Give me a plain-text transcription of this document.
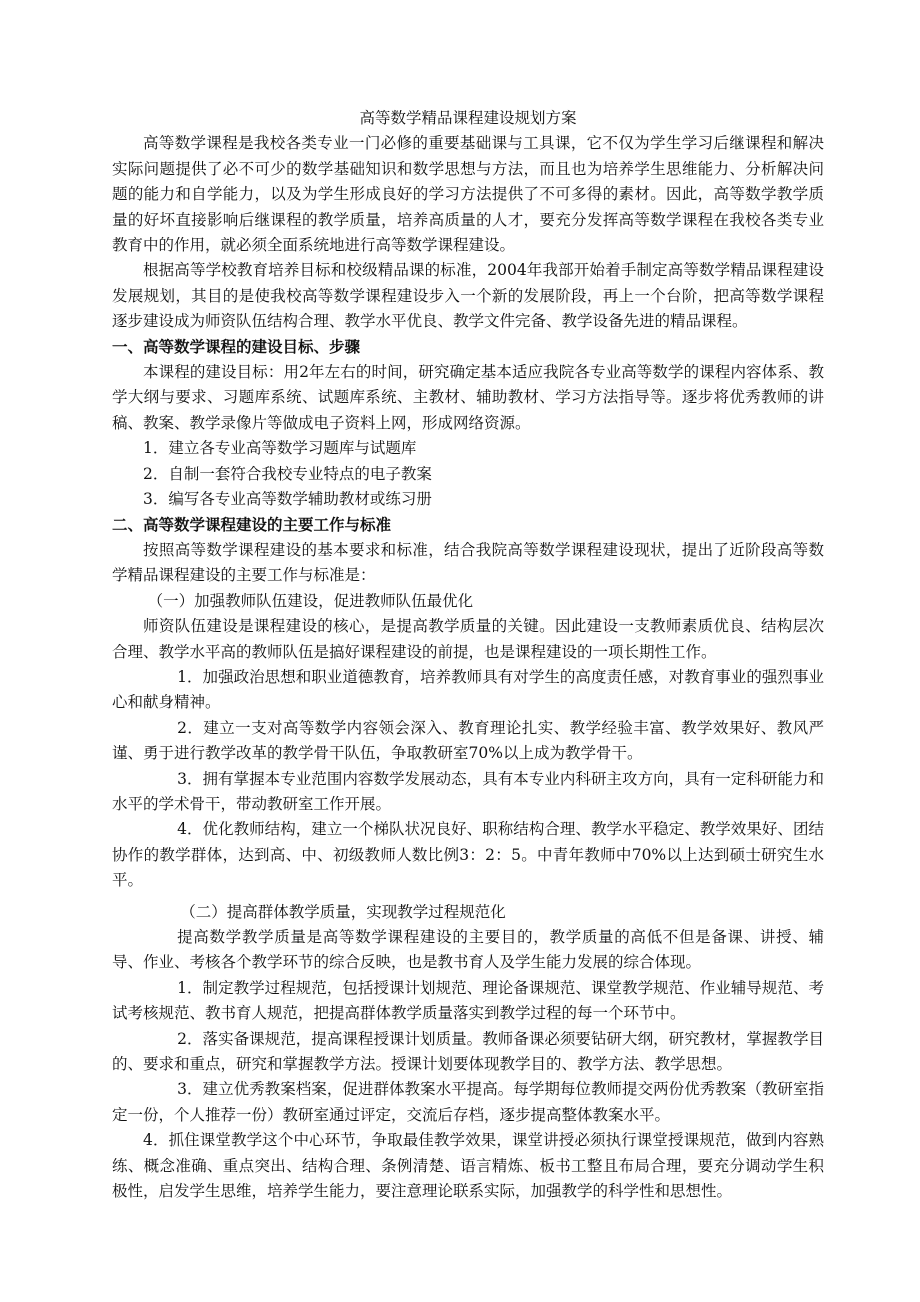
高等数学精品课程建设规划方案

高等数学课程是我校各类专业一门必修的重要基础课与工具课，它不仅为学生学习后继课程和解决实际问题提供了必不可少的数学基础知识和数学思想与方法，而且也为培养学生思维能力、分析解决问题的能力和自学能力，以及为学生形成良好的学习方法提供了不可多得的素材。因此，高等数学教学质量的好坏直接影响后继课程的教学质量，培养高质量的人才，要充分发挥高等数学课程在我校各类专业教育中的作用，就必须全面系统地进行高等数学课程建设。

根据高等学校教育培养目标和校级精品课的标准，2004年我部开始着手制定高等数学精品课程建设发展规划，其目的是使我校高等数学课程建设步入一个新的发展阶段，再上一个台阶，把高等数学课程逐步建设成为师资队伍结构合理、教学水平优良、教学文件完备、教学设备先进的精品课程。

一、高等数学课程的建设目标、步骤

本课程的建设目标：用2年左右的时间，研究确定基本适应我院各专业高等数学的课程内容体系、教学大纲与要求、习题库系统、试题库系统、主教材、辅助教材、学习方法指导等。逐步将优秀教师的讲稿、教案、教学录像片等做成电子资料上网，形成网络资源。

1．建立各专业高等数学习题库与试题库

2．自制一套符合我校专业特点的电子教案

3．编写各专业高等数学辅助教材或练习册

二、高等数学课程建设的主要工作与标准

按照高等数学课程建设的基本要求和标准，结合我院高等数学课程建设现状，提出了近阶段高等数学精品课程建设的主要工作与标准是：

（一）加强教师队伍建设，促进教师队伍最优化

师资队伍建设是课程建设的核心，是提高教学质量的关键。因此建设一支教师素质优良、结构层次合理、教学水平高的教师队伍是搞好课程建设的前提，也是课程建设的一项长期性工作。

1．加强政治思想和职业道德教育，培养教师具有对学生的高度责任感，对教育事业的强烈事业心和献身精神。

2．建立一支对高等数学内容领会深入、教育理论扎实、教学经验丰富、教学效果好、教风严谨、勇于进行教学改革的教学骨干队伍，争取教研室70%以上成为教学骨干。

3．拥有掌握本专业范围内容数学发展动态，具有本专业内科研主攻方向，具有一定科研能力和水平的学术骨干，带动教研室工作开展。

4．优化教师结构，建立一个梯队状况良好、职称结构合理、教学水平稳定、教学效果好、团结协作的教学群体，达到高、中、初级教师人数比例3：2：5。中青年教师中70%以上达到硕士研究生水平。

（二）提高群体教学质量，实现教学过程规范化

提高数学教学质量是高等数学课程建设的主要目的，教学质量的高低不但是备课、讲授、辅导、作业、考核各个教学环节的综合反映，也是教书育人及学生能力发展的综合体现。

1．制定教学过程规范，包括授课计划规范、理论备课规范、课堂教学规范、作业辅导规范、考试考核规范、教书育人规范，把提高群体教学质量落实到教学过程的每一个环节中。

2．落实备课规范，提高课程授课计划质量。教师备课必须要钻研大纲，研究教材，掌握教学目的、要求和重点，研究和掌握教学方法。授课计划要体现教学目的、教学方法、教学思想。

3．建立优秀教案档案，促进群体教案水平提高。每学期每位教师提交两份优秀教案（教研室指定一份，个人推荐一份）教研室通过评定，交流后存档，逐步提高整体教案水平。

4．抓住课堂教学这个中心环节，争取最佳教学效果，课堂讲授必须执行课堂授课规范，做到内容熟练、概念准确、重点突出、结构合理、条例清楚、语言精炼、板书工整且布局合理，要充分调动学生积极性，启发学生思维，培养学生能力，要注意理论联系实际，加强教学的科学性和思想性。
